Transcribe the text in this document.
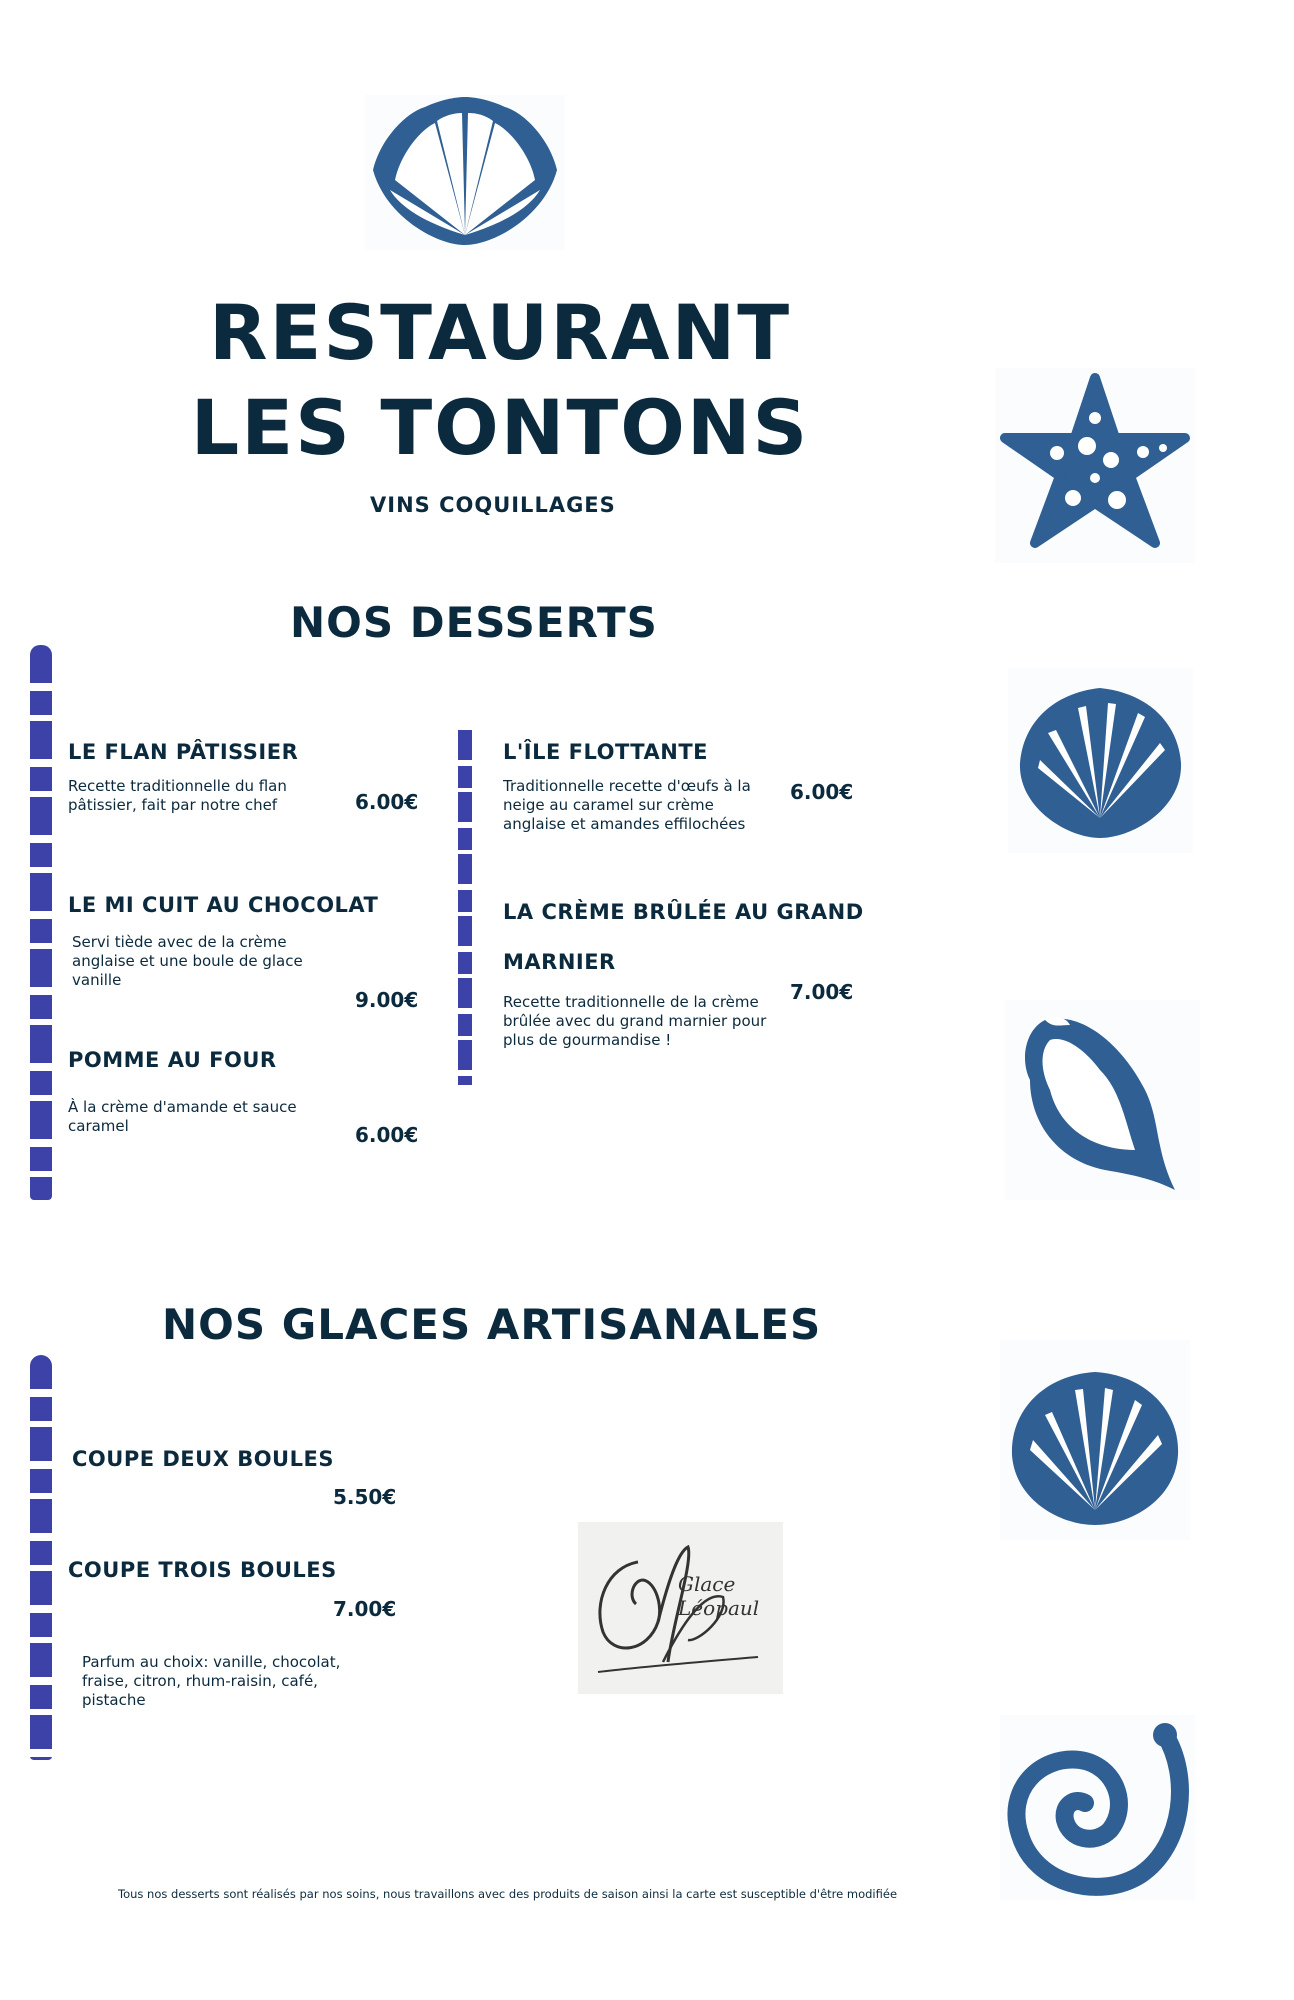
RESTAURANT
LES TONTONS
VINS COQUILLAGES
NOS DESSERTS
LE FLAN PÂTISSIER
Recette traditionnelle du flan pâtissier, fait par notre chef	6.00€
LE MI CUIT AU CHOCOLAT
Servi tiède avec de la crème anglaise et une boule de glace vanille
9.00€
POMME AU FOUR
À la crème d'amande et sauce caramel	6.00€
L'ÎLE FLOTTANTE
Traditionnelle recette d'œufs à la neige au caramel sur crème anglaise et amandes effilochées
6.00€
LA CRÈME BRÛLÉE AU GRAND
MARNIER
Recette traditionnelle de la crème brûlée avec du grand marnier pour plus de gourmandise !
7.00€
NOS GLACES ARTISANALES
COUPE DEUX BOULES
5.50€
COUPE TROIS BOULES
7.00€
Parfum au choix: vanille, chocolat, fraise, citron, rhum-raisin, café, pistache
Glace Léopaul
Tous nos desserts sont réalisés par nos soins, nous travaillons avec des produits de saison ainsi la carte est susceptible d'être modifiée
